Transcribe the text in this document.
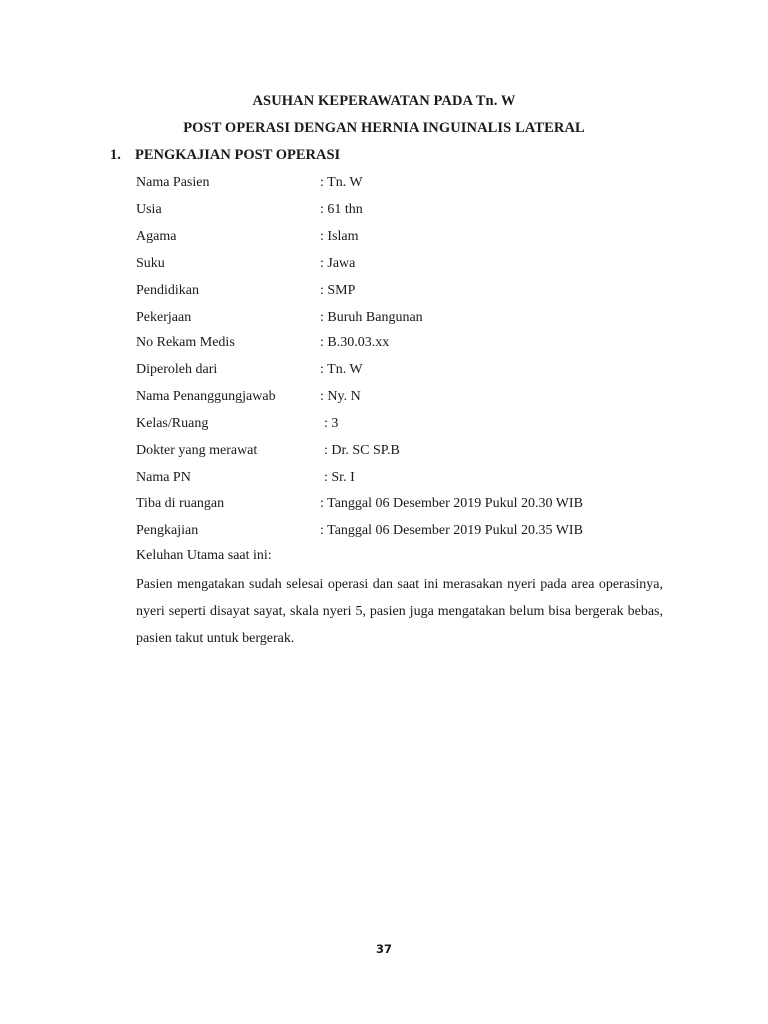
ASUHAN KEPERAWATAN PADA Tn. W
POST OPERASI DENGAN HERNIA INGUINALIS LATERAL
1. PENGKAJIAN POST OPERASI
Nama Pasien	: Tn. W
Usia	: 61 thn
Agama	: Islam
Suku	: Jawa
Pendidikan	: SMP
Pekerjaan	: Buruh Bangunan
No Rekam Medis	: B.30.03.xx
Diperoleh dari	: Tn. W
Nama Penanggungjawab	: Ny. N
Kelas/Ruang	: 3
Dokter yang merawat	: Dr. SC SP.B
Nama PN	: Sr. I
Tiba di ruangan	: Tanggal 06 Desember 2019 Pukul 20.30 WIB
Pengkajian	: Tanggal 06 Desember 2019 Pukul 20.35 WIB
Keluhan Utama saat ini:
Pasien mengatakan sudah selesai operasi dan saat ini merasakan nyeri pada area operasinya, nyeri seperti disayat sayat, skala nyeri 5, pasien juga mengatakan belum bisa bergerak bebas, pasien takut untuk bergerak.
37
